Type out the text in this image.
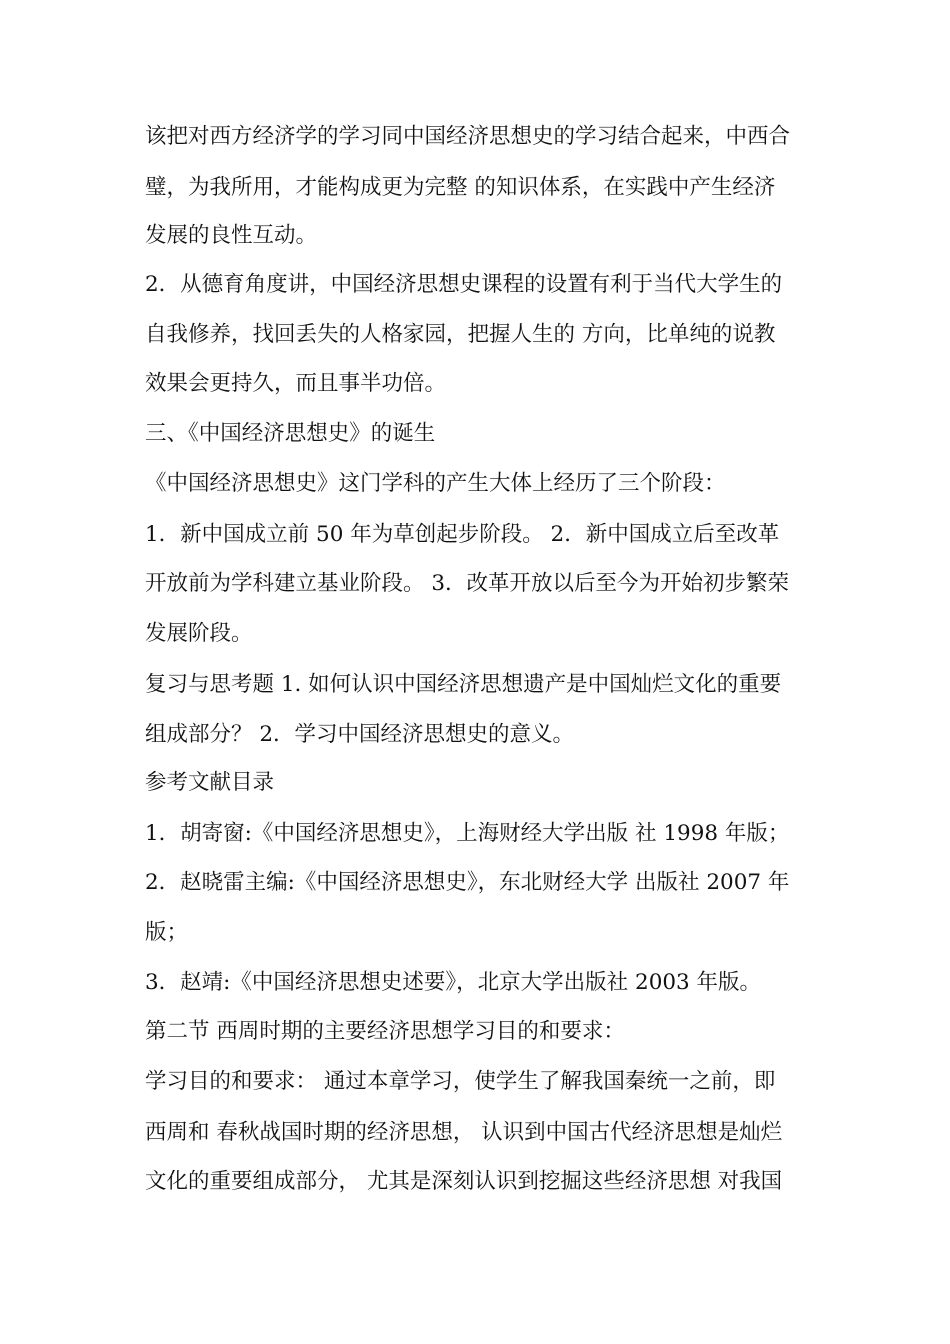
该把对西方经济学的学习同中国经济思想史的学习结合起来，中西合
璧，为我所用，才能构成更为完整 的知识体系，在实践中产生经济
发展的良性互动。
2．从德育角度讲，中国经济思想史课程的设置有利于当代大学生的
自我修养，找回丢失的人格家园，把握人生的 方向，比单纯的说教
效果会更持久，而且事半功倍。
三、《中国经济思想史》的诞生
《中国经济思想史》这门学科的产生大体上经历了三个阶段：
1．新中国成立前 50 年为草创起步阶段。 2．新中国成立后至改革
开放前为学科建立基业阶段。 3．改革开放以后至今为开始初步繁荣
发展阶段。
复习与思考题 1. 如何认识中国经济思想遗产是中国灿烂文化的重要
组成部分？ 2．学习中国经济思想史的意义。
参考文献目录
1．胡寄窗:《中国经济思想史》，上海财经大学出版 社 1998 年版；
2．赵晓雷主编:《中国经济思想史》，东北财经大学 出版社 2007 年
版；
3．赵靖:《中国经济思想史述要》，北京大学出版社 2003 年版。
第二节 西周时期的主要经济思想学习目的和要求：
学习目的和要求： 通过本章学习，使学生了解我国秦统一之前，即
西周和 春秋战国时期的经济思想， 认识到中国古代经济思想是灿烂
文化的重要组成部分， 尤其是深刻认识到挖掘这些经济思想 对我国
